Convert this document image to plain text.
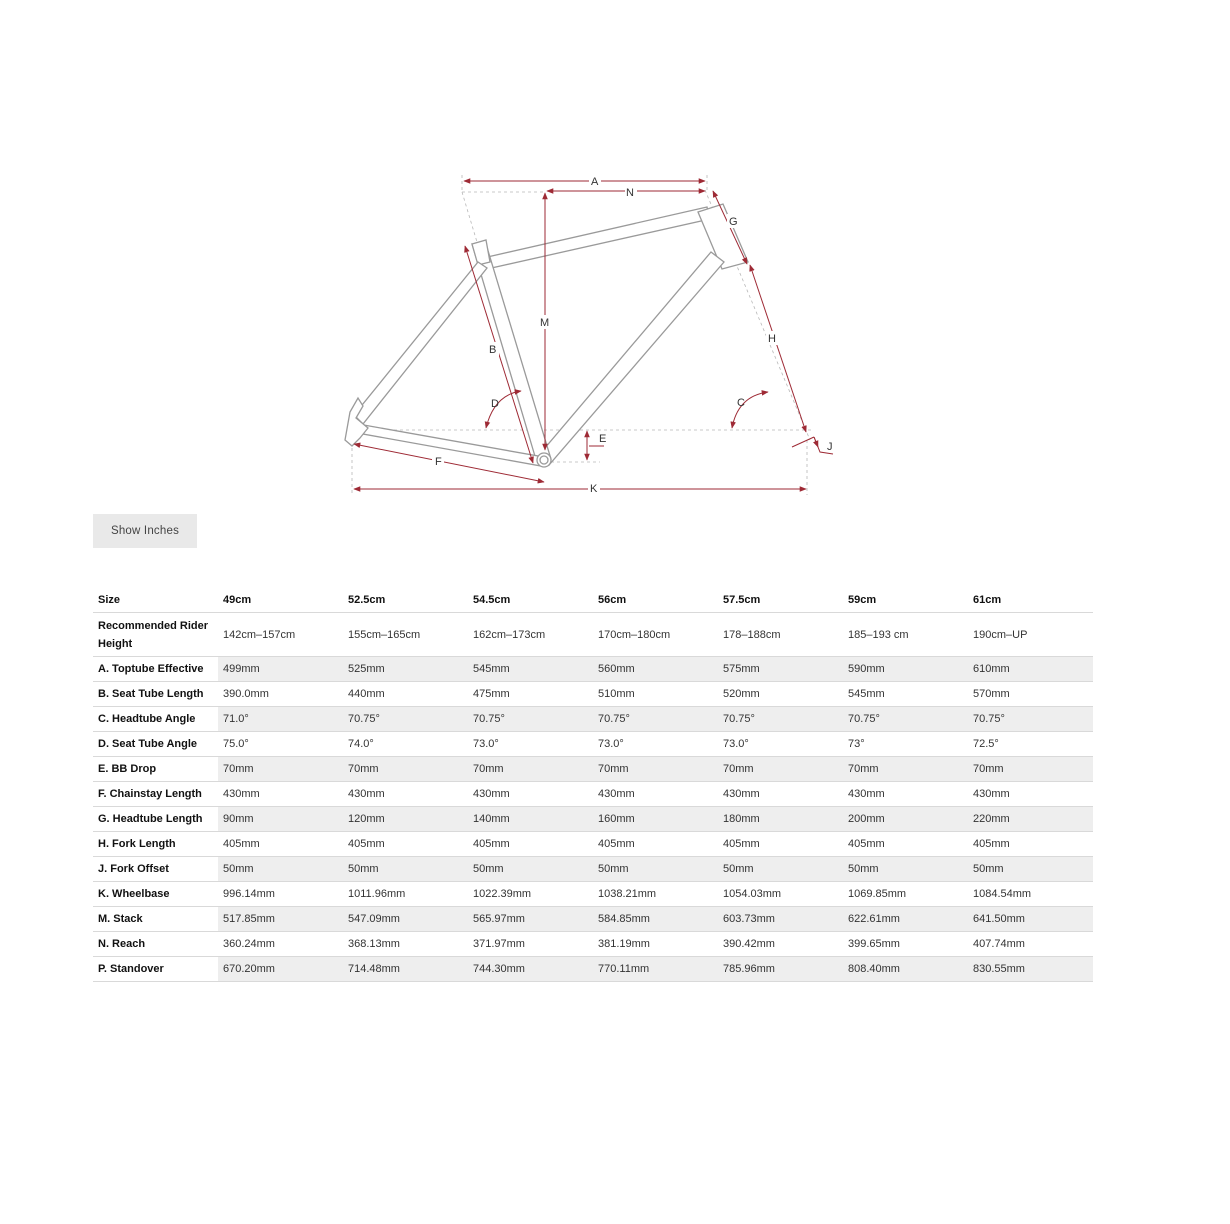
A
N
M
G
H
B
D	C
E
J
F
K
Show Inches
Size	49cm	52.5cm	54.5cm	56cm	57.5cm	59cm	61cm
Recommended Rider Height	142cm–157cm	155cm–165cm	162cm–173cm	170cm–180cm	178–188cm	185–193 cm	190cm–UP
A. Toptube Effective	499mm	525mm	545mm	560mm	575mm	590mm	610mm
B. Seat Tube Length	390.0mm	440mm	475mm	510mm	520mm	545mm	570mm
C. Headtube Angle	71.0°	70.75°	70.75°	70.75°	70.75°	70.75°	70.75°
D. Seat Tube Angle	75.0°	74.0°	73.0°	73.0°	73.0°	73°	72.5°
E. BB Drop	70mm	70mm	70mm	70mm	70mm	70mm	70mm
F. Chainstay Length	430mm	430mm	430mm	430mm	430mm	430mm	430mm
G. Headtube Length	90mm	120mm	140mm	160mm	180mm	200mm	220mm
H. Fork Length	405mm	405mm	405mm	405mm	405mm	405mm	405mm
J. Fork Offset	50mm	50mm	50mm	50mm	50mm	50mm	50mm
K. Wheelbase	996.14mm	1011.96mm	1022.39mm	1038.21mm	1054.03mm	1069.85mm	1084.54mm
M. Stack	517.85mm	547.09mm	565.97mm	584.85mm	603.73mm	622.61mm	641.50mm
N. Reach	360.24mm	368.13mm	371.97mm	381.19mm	390.42mm	399.65mm	407.74mm
P. Standover	670.20mm	714.48mm	744.30mm	770.11mm	785.96mm	808.40mm	830.55mm
